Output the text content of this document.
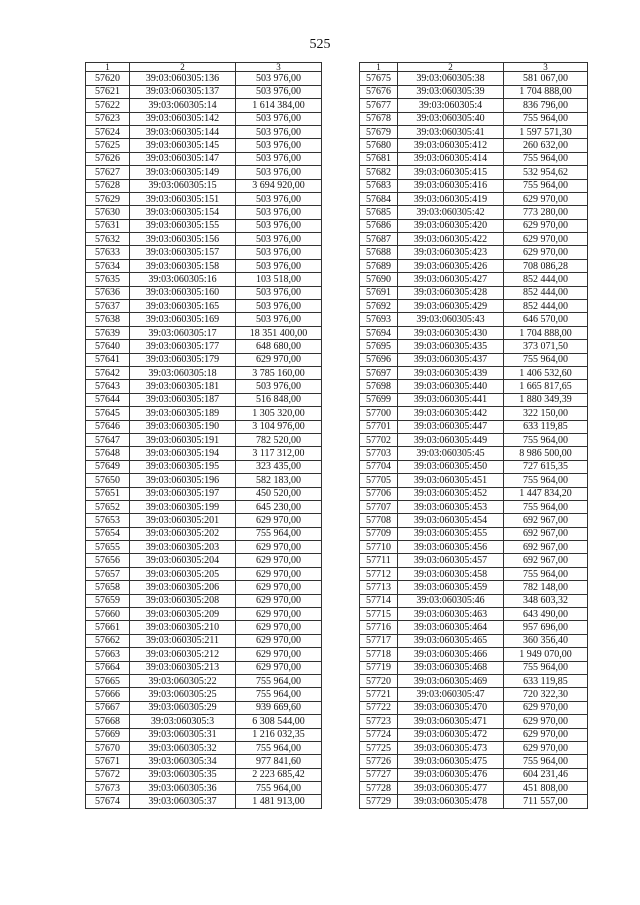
525
1	2	3
57620	39:03:060305:136	503 976,00
57621	39:03:060305:137	503 976,00
57622	39:03:060305:14	1 614 384,00
57623	39:03:060305:142	503 976,00
57624	39:03:060305:144	503 976,00
57625	39:03:060305:145	503 976,00
57626	39:03:060305:147	503 976,00
57627	39:03:060305:149	503 976,00
57628	39:03:060305:15	3 694 920,00
57629	39:03:060305:151	503 976,00
57630	39:03:060305:154	503 976,00
57631	39:03:060305:155	503 976,00
57632	39:03:060305:156	503 976,00
57633	39:03:060305:157	503 976,00
57634	39:03:060305:158	503 976,00
57635	39:03:060305:16	103 518,00
57636	39:03:060305:160	503 976,00
57637	39:03:060305:165	503 976,00
57638	39:03:060305:169	503 976,00
57639	39:03:060305:17	18 351 400,00
57640	39:03:060305:177	648 680,00
57641	39:03:060305:179	629 970,00
57642	39:03:060305:18	3 785 160,00
57643	39:03:060305:181	503 976,00
57644	39:03:060305:187	516 848,00
57645	39:03:060305:189	1 305 320,00
57646	39:03:060305:190	3 104 976,00
57647	39:03:060305:191	782 520,00
57648	39:03:060305:194	3 117 312,00
57649	39:03:060305:195	323 435,00
57650	39:03:060305:196	582 183,00
57651	39:03:060305:197	450 520,00
57652	39:03:060305:199	645 230,00
57653	39:03:060305:201	629 970,00
57654	39:03:060305:202	755 964,00
57655	39:03:060305:203	629 970,00
57656	39:03:060305:204	629 970,00
57657	39:03:060305:205	629 970,00
57658	39:03:060305:206	629 970,00
57659	39:03:060305:208	629 970,00
57660	39:03:060305:209	629 970,00
57661	39:03:060305:210	629 970,00
57662	39:03:060305:211	629 970,00
57663	39:03:060305:212	629 970,00
57664	39:03:060305:213	629 970,00
57665	39:03:060305:22	755 964,00
57666	39:03:060305:25	755 964,00
57667	39:03:060305:29	939 669,60
57668	39:03:060305:3	6 308 544,00
57669	39:03:060305:31	1 216 032,35
57670	39:03:060305:32	755 964,00
57671	39:03:060305:34	977 841,60
57672	39:03:060305:35	2 223 685,42
57673	39:03:060305:36	755 964,00
57674	39:03:060305:37	1 481 913,00
1	2	3
57675	39:03:060305:38	581 067,00
57676	39:03:060305:39	1 704 888,00
57677	39:03:060305:4	836 796,00
57678	39:03:060305:40	755 964,00
57679	39:03:060305:41	1 597 571,30
57680	39:03:060305:412	260 632,00
57681	39:03:060305:414	755 964,00
57682	39:03:060305:415	532 954,62
57683	39:03:060305:416	755 964,00
57684	39:03:060305:419	629 970,00
57685	39:03:060305:42	773 280,00
57686	39:03:060305:420	629 970,00
57687	39:03:060305:422	629 970,00
57688	39:03:060305:423	629 970,00
57689	39:03:060305:426	708 086,28
57690	39:03:060305:427	852 444,00
57691	39:03:060305:428	852 444,00
57692	39:03:060305:429	852 444,00
57693	39:03:060305:43	646 570,00
57694	39:03:060305:430	1 704 888,00
57695	39:03:060305:435	373 071,50
57696	39:03:060305:437	755 964,00
57697	39:03:060305:439	1 406 532,60
57698	39:03:060305:440	1 665 817,65
57699	39:03:060305:441	1 880 349,39
57700	39:03:060305:442	322 150,00
57701	39:03:060305:447	633 119,85
57702	39:03:060305:449	755 964,00
57703	39:03:060305:45	8 986 500,00
57704	39:03:060305:450	727 615,35
57705	39:03:060305:451	755 964,00
57706	39:03:060305:452	1 447 834,20
57707	39:03:060305:453	755 964,00
57708	39:03:060305:454	692 967,00
57709	39:03:060305:455	692 967,00
57710	39:03:060305:456	692 967,00
57711	39:03:060305:457	692 967,00
57712	39:03:060305:458	755 964,00
57713	39:03:060305:459	782 148,00
57714	39:03:060305:46	348 603,32
57715	39:03:060305:463	643 490,00
57716	39:03:060305:464	957 696,00
57717	39:03:060305:465	360 356,40
57718	39:03:060305:466	1 949 070,00
57719	39:03:060305:468	755 964,00
57720	39:03:060305:469	633 119,85
57721	39:03:060305:47	720 322,30
57722	39:03:060305:470	629 970,00
57723	39:03:060305:471	629 970,00
57724	39:03:060305:472	629 970,00
57725	39:03:060305:473	629 970,00
57726	39:03:060305:475	755 964,00
57727	39:03:060305:476	604 231,46
57728	39:03:060305:477	451 808,00
57729	39:03:060305:478	711 557,00
